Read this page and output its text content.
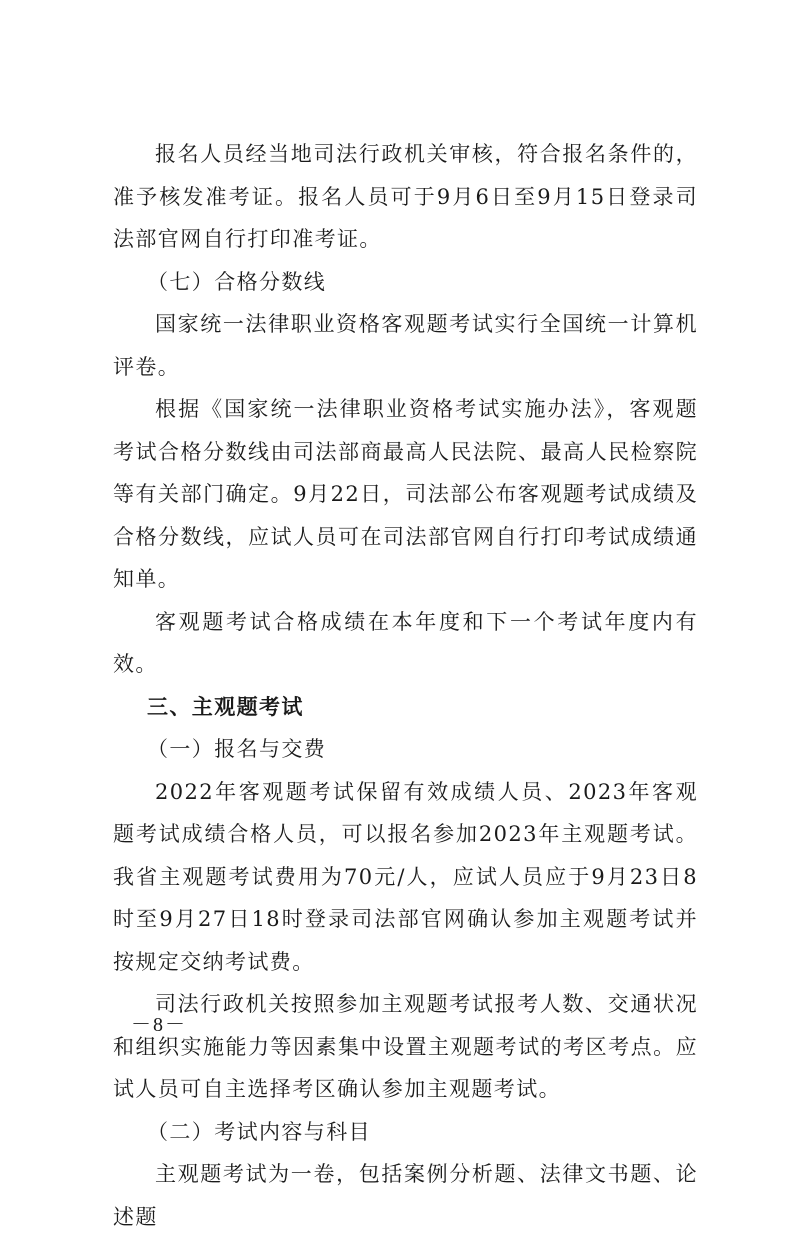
报名人员经当地司法行政机关审核，符合报名条件的，准予核发准考证。报名人员可于9月6日至9月15日登录司法部官网自行打印准考证。

（七）合格分数线

国家统一法律职业资格客观题考试实行全国统一计算机评卷。

根据《国家统一法律职业资格考试实施办法》，客观题考试合格分数线由司法部商最高人民法院、最高人民检察院等有关部门确定。9月22日，司法部公布客观题考试成绩及合格分数线，应试人员可在司法部官网自行打印考试成绩通知单。

客观题考试合格成绩在本年度和下一个考试年度内有效。

三、主观题考试

（一）报名与交费

2022年客观题考试保留有效成绩人员、2023年客观题考试成绩合格人员，可以报名参加2023年主观题考试。我省主观题考试费用为70元/人，应试人员应于9月23日8时至9月27日18时登录司法部官网确认参加主观题考试并按规定交纳考试费。

司法行政机关按照参加主观题考试报考人数、交通状况和组织实施能力等因素集中设置主观题考试的考区考点。应试人员可自主选择考区确认参加主观题考试。

（二）考试内容与科目

主观题考试为一卷，包括案例分析题、法律文书题、论述题

－8－
